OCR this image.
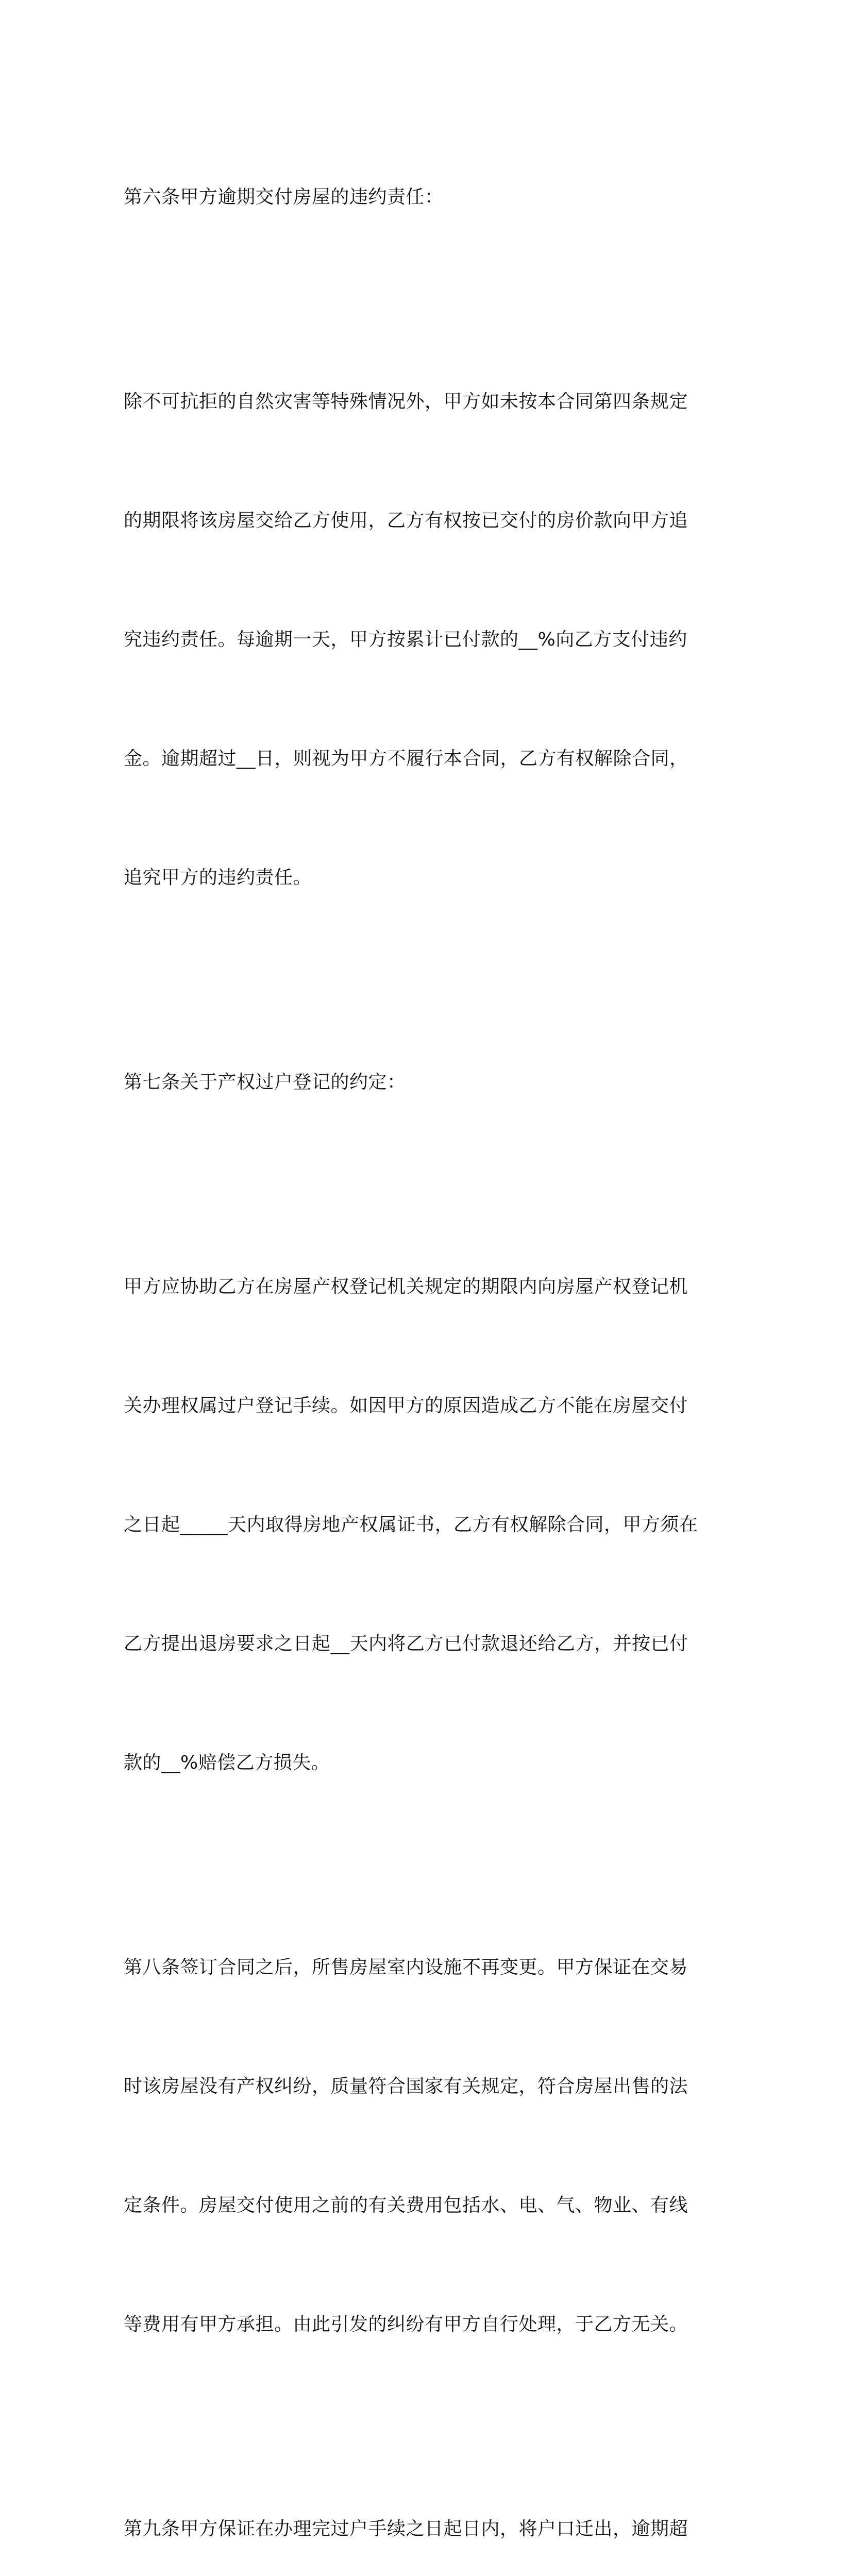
第六条甲方逾期交付房屋的违约责任：

除不可抗拒的自然灾害等特殊情况外，甲方如未按本合同第四条规定

的期限将该房屋交给乙方使用，乙方有权按已交付的房价款向甲方追

究违约责任。每逾期一天，甲方按累计已付款的__%向乙方支付违约

金。逾期超过__日，则视为甲方不履行本合同，乙方有权解除合同，

追究甲方的违约责任。

第七条关于产权过户登记的约定：

甲方应协助乙方在房屋产权登记机关规定的期限内向房屋产权登记机

关办理权属过户登记手续。如因甲方的原因造成乙方不能在房屋交付

之日起_____天内取得房地产权属证书，乙方有权解除合同，甲方须在

乙方提出退房要求之日起__天内将乙方已付款退还给乙方，并按已付

款的__%赔偿乙方损失。

第八条签订合同之后，所售房屋室内设施不再变更。甲方保证在交易

时该房屋没有产权纠纷，质量符合国家有关规定，符合房屋出售的法

定条件。房屋交付使用之前的有关费用包括水、电、气、物业、有线

等费用有甲方承担。由此引发的纠纷有甲方自行处理，于乙方无关。

第九条甲方保证在办理完过户手续之日起日内，将户口迁出，逾期超
